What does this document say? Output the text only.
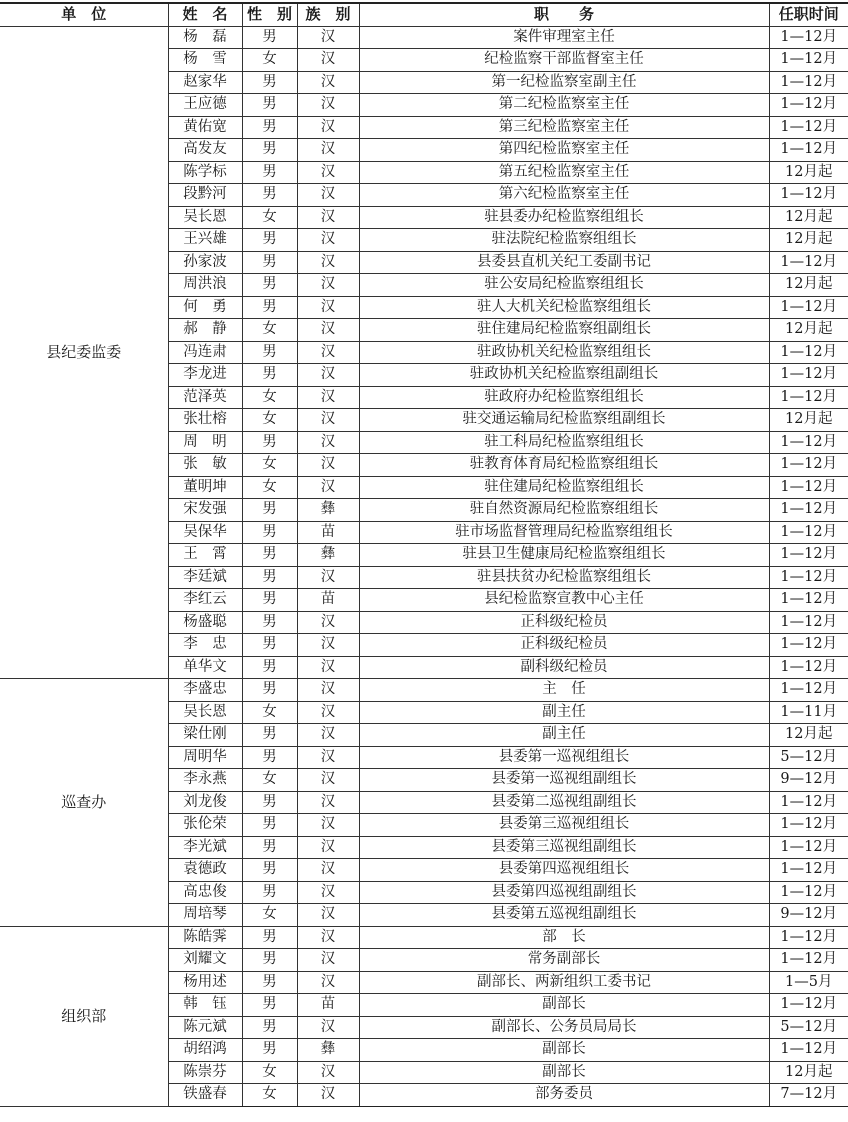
单　位	姓　名	性　别	族　别	职　　务	任职时间
县纪委监委	杨　磊	男	汉	案件审理室主任	1—12月
	杨　雪	女	汉	纪检监察干部监督室主任	1—12月
	赵家华	男	汉	第一纪检监察室副主任	1—12月
	王应德	男	汉	第二纪检监察室主任	1—12月
	黄佑宽	男	汉	第三纪检监察室主任	1—12月
	高发友	男	汉	第四纪检监察室主任	1—12月
	陈学标	男	汉	第五纪检监察室主任	12月起
	段黔河	男	汉	第六纪检监察室主任	1—12月
	吴长恩	女	汉	驻县委办纪检监察组组长	12月起
	王兴雄	男	汉	驻法院纪检监察组组长	12月起
	孙家波	男	汉	县委县直机关纪工委副书记	1—12月
	周洪浪	男	汉	驻公安局纪检监察组组长	12月起
	何　勇	男	汉	驻人大机关纪检监察组组长	1—12月
	郝　静	女	汉	驻住建局纪检监察组副组长	12月起
	冯连肃	男	汉	驻政协机关纪检监察组组长	1—12月
	李龙进	男	汉	驻政协机关纪检监察组副组长	1—12月
	范泽英	女	汉	驻政府办纪检监察组组长	1—12月
	张壮榕	女	汉	驻交通运输局纪检监察组副组长	12月起
	周　明	男	汉	驻工科局纪检监察组组长	1—12月
	张　敏	女	汉	驻教育体育局纪检监察组组长	1—12月
	董明坤	女	汉	驻住建局纪检监察组组长	1—12月
	宋发强	男	彝	驻自然资源局纪检监察组组长	1—12月
	吴保华	男	苗	驻市场监督管理局纪检监察组组长	1—12月
	王　霄	男	彝	驻县卫生健康局纪检监察组组长	1—12月
	李廷斌	男	汉	驻县扶贫办纪检监察组组长	1—12月
	李红云	男	苗	县纪检监察宣教中心主任	1—12月
	杨盛聪	男	汉	正科级纪检员	1—12月
	李　忠	男	汉	正科级纪检员	1—12月
	单华文	男	汉	副科级纪检员	1—12月
巡查办	李盛忠	男	汉	主　任	1—12月
	吴长恩	女	汉	副主任	1—11月
	梁仕刚	男	汉	副主任	12月起
	周明华	男	汉	县委第一巡视组组长	5—12月
	李永燕	女	汉	县委第一巡视组副组长	9—12月
	刘龙俊	男	汉	县委第二巡视组副组长	1—12月
	张伦荣	男	汉	县委第三巡视组组长	1—12月
	李光斌	男	汉	县委第三巡视组副组长	1—12月
	袁德政	男	汉	县委第四巡视组组长	1—12月
	高忠俊	男	汉	县委第四巡视组副组长	1—12月
	周培琴	女	汉	县委第五巡视组副组长	9—12月
组织部	陈皓霁	男	汉	部　长	1—12月
	刘耀文	男	汉	常务副部长	1—12月
	杨用述	男	汉	副部长、两新组织工委书记	1—5月
	韩　钰	男	苗	副部长	1—12月
	陈元斌	男	汉	副部长、公务员局局长	5—12月
	胡绍鸿	男	彝	副部长	1—12月
	陈崇芬	女	汉	副部长	12月起
	铁盛春	女	汉	部务委员	7—12月
